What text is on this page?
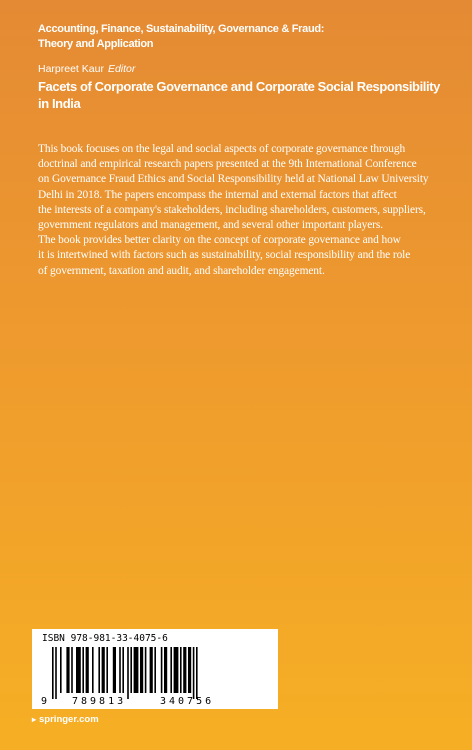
Accounting, Finance, Sustainability, Governance & Fraud:
Theory and Application
Harpreet Kaur Editor
Facets of Corporate Governance and Corporate Social Responsibility
in India
This book focuses on the legal and social aspects of corporate governance through
doctrinal and empirical research papers presented at the 9th International Conference
on Governance Fraud Ethics and Social Responsibility held at National Law University
Delhi in 2018. The papers encompass the internal and external factors that affect
the interests of a company's stakeholders, including shareholders, customers, suppliers,
government regulators and management, and several other important players.
The book provides better clarity on the concept of corporate governance and how
it is intertwined with factors such as sustainability, social responsibility and the role
of government, taxation and audit, and shareholder engagement.
ISBN 978-981-33-4075-6
9 789813	340756
▸ springer.com
